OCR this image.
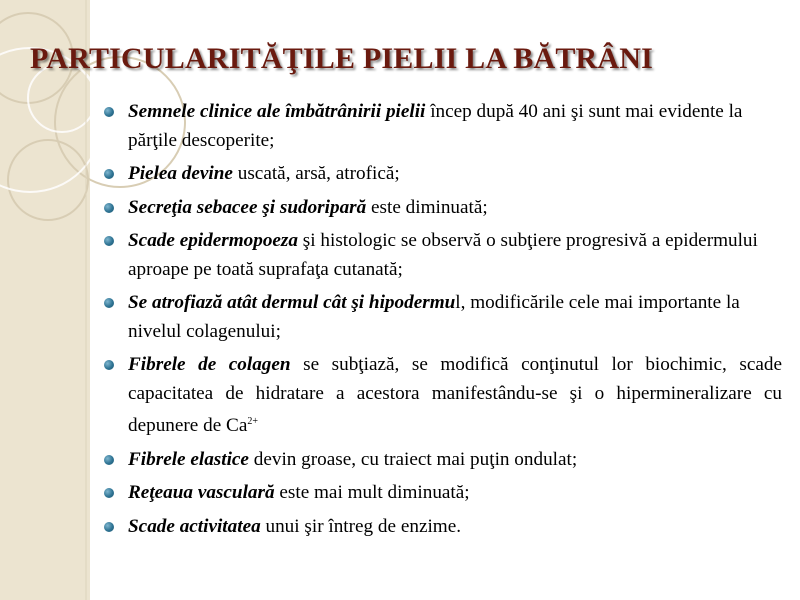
PARTICULARITĂŢILE PIELII LA BĂTRÂNI
Semnele clinice ale îmbătrânirii pielii încep după 40 ani şi sunt mai evidente la părţile descoperite;
Pielea devine uscată, arsă, atrofică;
Secreţia sebacee şi sudoripară este diminuată;
Scade epidermopoeza şi histologic se observă o subţiere progresivă a epidermului aproape pe toată suprafaţa cutanată;
Se atrofiază atât dermul cât şi hipodermul, modificările cele mai importante la nivelul colagenului;
Fibrele de colagen se subţiază, se modifică conţinutul lor biochimic, scade capacitatea de hidratare a acestora manifestându-se şi o hipermineralizare cu depunere de $Ca^{2+}$
Fibrele elastice devin groase, cu traiect mai puţin ondulat;
Reţeaua vasculară este mai mult diminuată;
Scade activitatea unui şir întreg de enzime.
